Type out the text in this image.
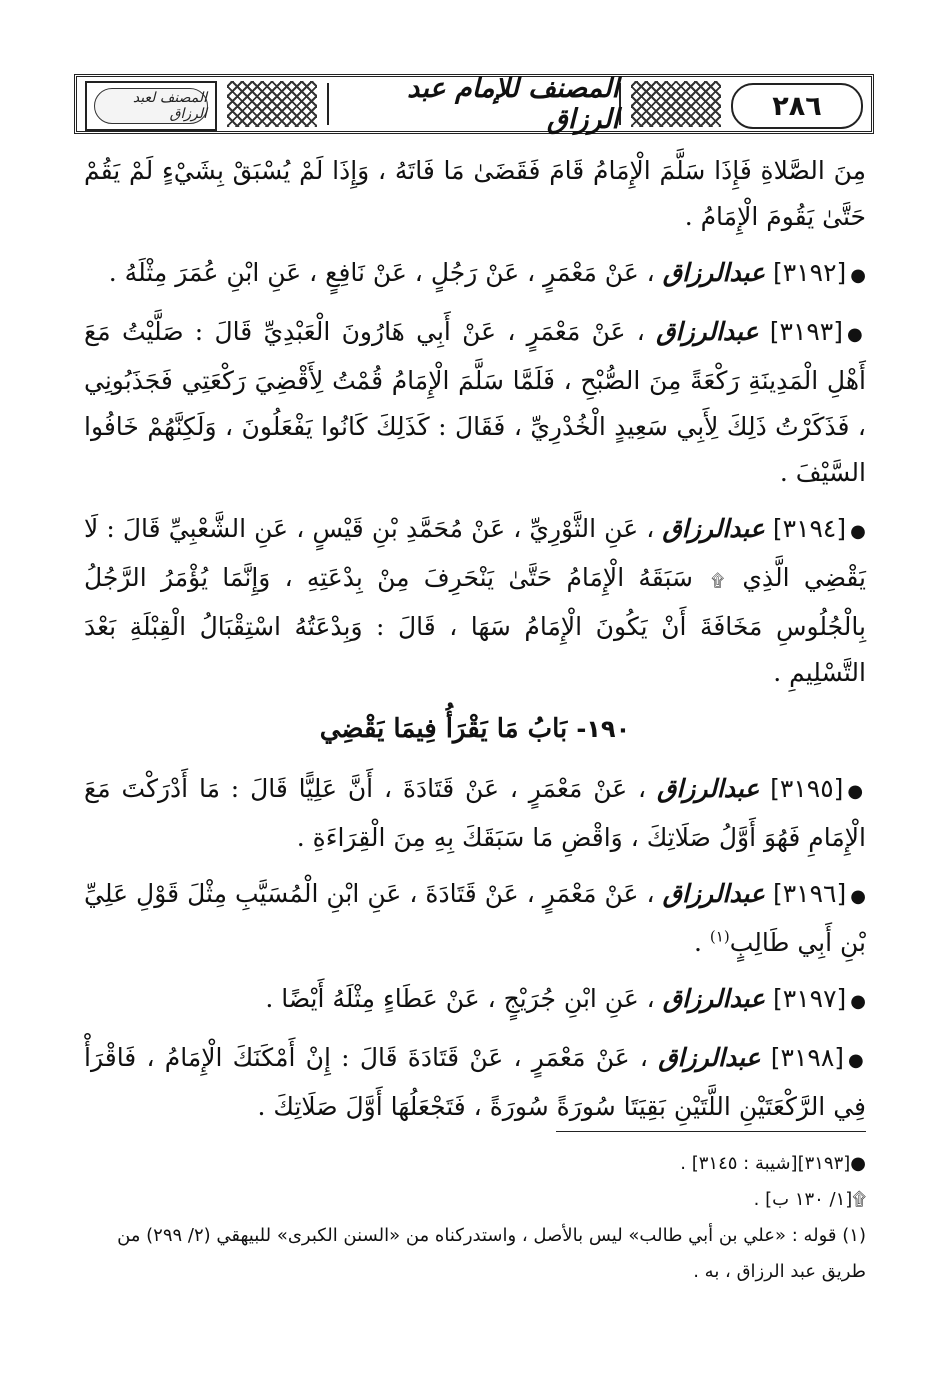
٢٨٦
المصنف للإمام عبد الرزاق
المصنف لعبد الرزاق

مِنَ الصَّلاةِ فَإِذَا سَلَّمَ الْإِمَامُ قَامَ فَقَضَىٰ مَا فَاتَهُ ، وَإِذَا لَمْ يُسْبَقْ بِشَيْءٍ لَمْ يَقُمْ حَتَّىٰ يَقُومَ الْإِمَامُ .

●[٣١٩٢] عبدالرزاق ، عَنْ مَعْمَرٍ ، عَنْ رَجُلٍ ، عَنْ نَافِعٍ ، عَنِ ابْنِ عُمَرَ مِثْلَهُ .

●[٣١٩٣] عبدالرزاق ، عَنْ مَعْمَرٍ ، عَنْ أَبِي هَارُونَ الْعَبْدِيِّ قَالَ : صَلَّيْتُ مَعَ أَهْلِ الْمَدِينَةِ رَكْعَةً مِنَ الصُّبْحِ ، فَلَمَّا سَلَّمَ الْإِمَامُ قُمْتُ لِأَقْضِيَ رَكْعَتِي فَجَذَبُونِي ، فَذَكَرْتُ ذَلِكَ لِأَبِي سَعِيدٍ الْخُدْرِيِّ ، فَقَالَ : كَذَلِكَ كَانُوا يَفْعَلُونَ ، وَلَكِنَّهُمْ خَافُوا السَّيْفَ .

●[٣١٩٤] عبدالرزاق ، عَنِ الثَّوْرِيِّ ، عَنْ مُحَمَّدِ بْنِ قَيْسٍ ، عَنِ الشَّعْبِيِّ قَالَ : لَا يَقْضِي الَّذِي ۩ سَبَقَهُ الْإِمَامُ حَتَّىٰ يَنْحَرِفَ مِنْ بِدْعَتِهِ ، وَإِنَّمَا يُؤْمَرُ الرَّجُلُ بِالْجُلُوسِ مَخَافَةَ أَنْ يَكُونَ الْإِمَامُ سَهَا ، قَالَ : وَبِدْعَتُهُ اسْتِقْبَالُ الْقِبْلَةِ بَعْدَ التَّسْلِيمِ .

١٩٠- بَابُ مَا يَقْرَأُ فِيمَا يَقْضِي

●[٣١٩٥] عبدالرزاق ، عَنْ مَعْمَرٍ ، عَنْ قَتَادَةَ ، أَنَّ عَلِيًّا قَالَ : مَا أَدْرَكْتَ مَعَ الْإِمَامِ فَهُوَ أَوَّلُ صَلَاتِكَ ، وَاقْضِ مَا سَبَقَكَ بِهِ مِنَ الْقِرَاءَةِ .

●[٣١٩٦] عبدالرزاق ، عَنْ مَعْمَرٍ ، عَنْ قَتَادَةَ ، عَنِ ابْنِ الْمُسَيَّبِ مِثْلَ قَوْلِ عَلِيِّ بْنِ أَبِي طَالِبٍ$^{(١)}$ .

●[٣١٩٧] عبدالرزاق ، عَنِ ابْنِ جُرَيْجٍ ، عَنْ عَطَاءٍ مِثْلَهُ أَيْضًا .

●[٣١٩٨] عبدالرزاق ، عَنْ مَعْمَرٍ ، عَنْ قَتَادَةَ قَالَ : إِنْ أَمْكَنَكَ الْإِمَامُ ، فَاقْرَأْ فِي الرَّكْعَتَيْنِ اللَّتَيْنِ بَقِيَتَا سُورَةً سُورَةً ، فَتَجْعَلُهَا أَوَّلَ صَلَاتِكَ .

●[٣١٩٣][شيبة : ٣١٤٥] .

۩[١/ ١٣٠ ب] .

(١) قوله : «علي بن أبي طالب» ليس بالأصل ، واستدركناه من «السنن الكبرى» للبيهقي (٢/ ٢٩٩) من طريق عبد الرزاق ، به .
